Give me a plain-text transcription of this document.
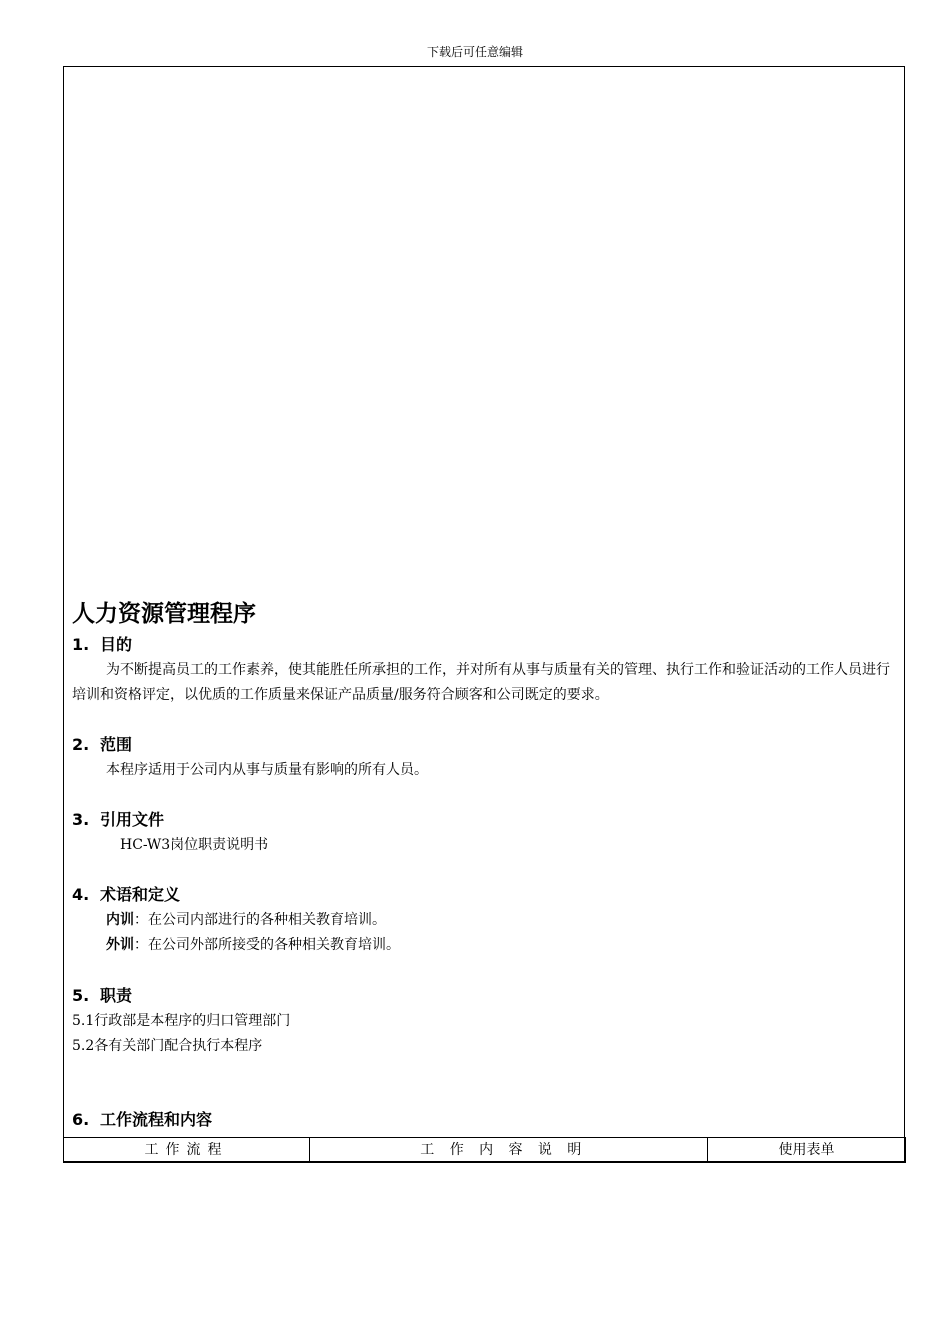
下载后可任意编辑
人力资源管理程序

1. 目的

为不断提高员工的工作素养，使其能胜任所承担的工作，并对所有从事与质量有关的管理、执行工作和验证活动的工作人员进行培训和资格评定，以优质的工作质量来保证产品质量/服务符合顾客和公司既定的要求。

2. 范围

本程序适用于公司内从事与质量有影响的所有人员。

3. 引用文件

HC-W3岗位职责说明书

4. 术语和定义

内训：在公司内部进行的各种相关教育培训。

外训：在公司外部所接受的各种相关教育培训。

5. 职责

5.1行政部是本程序的归口管理部门

5.2各有关部门配合执行本程序

6. 工作流程和内容

工作流程	工作内容说明	使用表单
